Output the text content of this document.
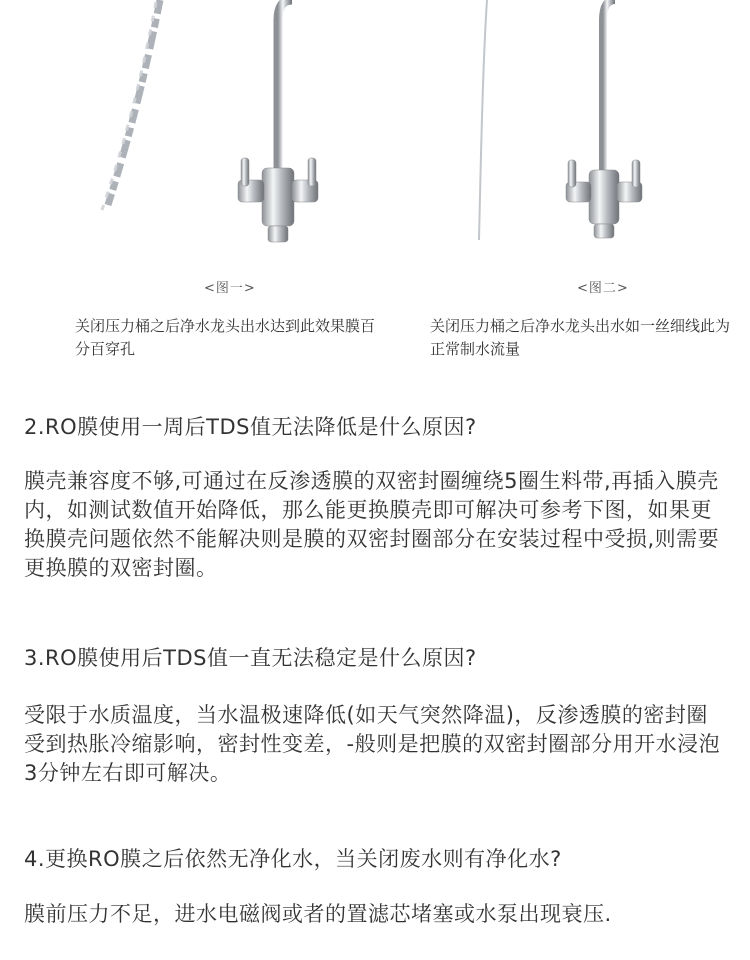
<图一>	<图二>
关闭压力桶之后净水龙头出水达到此效果膜百分百穿孔
关闭压力桶之后净水龙头出水如一丝细线此为正常制水流量
2.RO膜使用一周后TDS值无法降低是什么原因?

膜壳兼容度不够,可通过在反渗透膜的双密封圈缠绕5圈生料带,再插入膜壳内，如测试数值开始降低，那么能更换膜壳即可解决可参考下图，如果更换膜壳问题依然不能解决则是膜的双密封圈部分在安装过程中受损,则需要更换膜的双密封圈。

3.RO膜使用后TDS值一直无法稳定是什么原因?

受限于水质温度，当水温极速降低(如天气突然降温)，反渗透膜的密封圈受到热胀冷缩影响，密封性变差，-般则是把膜的双密封圈部分用开水浸泡3分钟左右即可解决。

4.更换RO膜之后依然无净化水，当关闭废水则有净化水?

膜前压力不足，进水电磁阀或者的置滤芯堵塞或水泵出现衰压.
